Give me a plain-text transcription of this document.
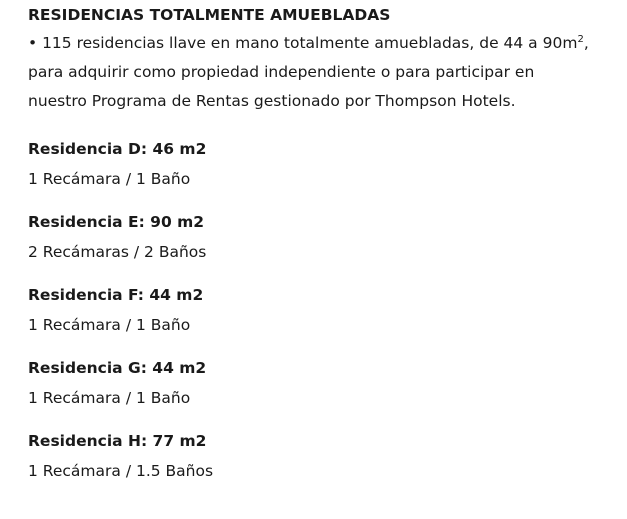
RESIDENCIAS TOTALMENTE AMUEBLADAS
• 115 residencias llave en mano totalmente amuebladas, de 44 a $90m^2$,
para adquirir como propiedad independiente o para participar en
nuestro Programa de Rentas gestionado por Thompson Hotels.
Residencia D: 46 m2
1 Recámara / 1 Baño
Residencia E: 90 m2
2 Recámaras / 2 Baños
Residencia F: 44 m2
1 Recámara / 1 Baño
Residencia G: 44 m2
1 Recámara / 1 Baño
Residencia H: 77 m2
1 Recámara / 1.5 Baños
